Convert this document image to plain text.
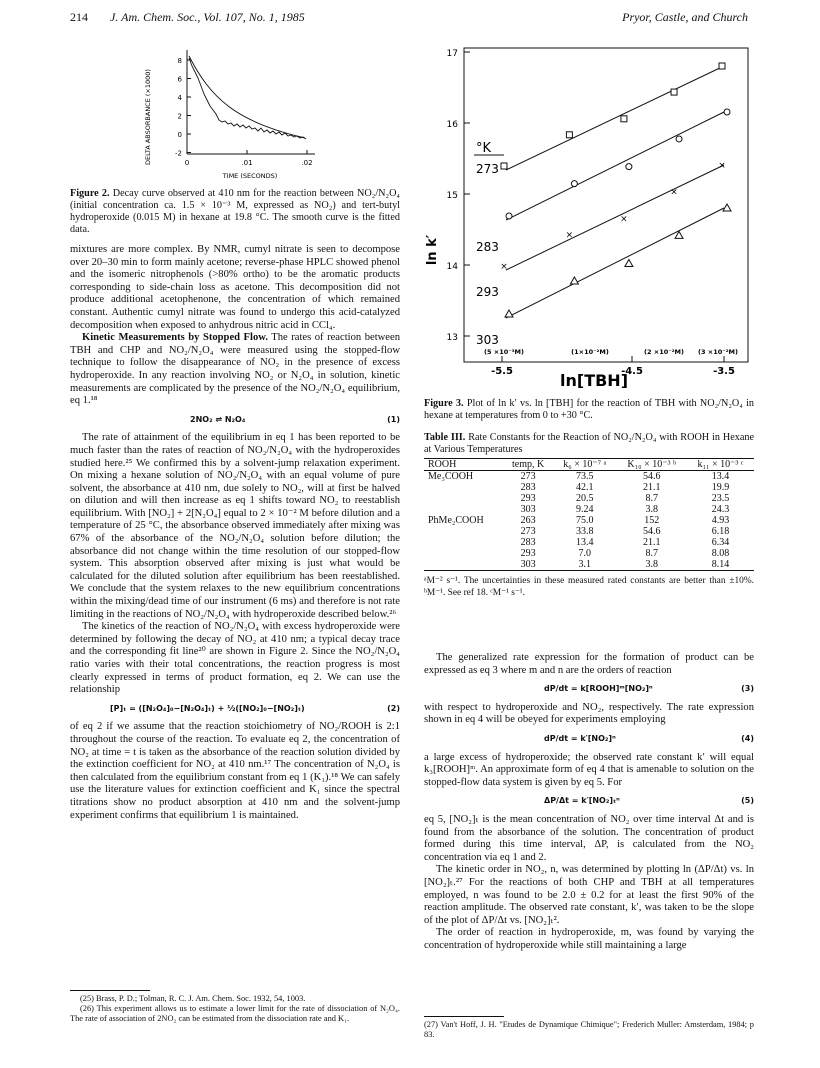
214 J. Am. Chem. Soc., Vol. 107, No. 1, 1985	Pryor, Castle, and Church
DELTA ABSORBANCE (×1000)
8
6
4
2
0
-2
0	.01	.02
TIME (SECONDS)
Figure 2. Decay curve observed at 410 nm for the reaction between NO₂/N₂O₄ (initial concentration ca. 1.5 × 10⁻³ M, expressed as NO₂) and tert-butyl hydroperoxide (0.015 M) in hexane at 19.8 °C. The smooth curve is the fitted data.

mixtures are more complex. By NMR, cumyl nitrate is seen to decompose over 20–30 min to form mainly acetone; reverse-phase HPLC showed phenol and the isomeric nitrophenols (>80% ortho) to be the aromatic products corresponding to side-chain loss as acetone. This decomposition did not produce additional acetophenone, the concentration of which remained constant. Authentic cumyl nitrate was found to undergo this acid-catalyzed decomposition when exposed to anhydrous nitric acid in CCl₄.

Kinetic Measurements by Stopped Flow. The rates of reaction between TBH and CHP and NO₂/N₂O₄ were measured using the stopped-flow technique to follow the disappearance of NO₂ in the presence of excess hydroperoxide. In any reaction involving NO₂ or N₂O₄ in solution, kinetic measurements are complicated by the presence of the NO₂/N₂O₄ equilibrium, eq 1.¹⁸

2NO₂ ⇌ N₂O₄	(1)

The rate of attainment of the equilibrium in eq 1 has been reported to be much faster than the rates of reaction of NO₂/N₂O₄ with the hydroperoxides studied here.²⁵ We confirmed this by a solvent-jump relaxation experiment. On mixing a hexane solution of NO₂/N₂O₄ with an equal volume of pure solvent, the absorbance at 410 nm, due solely to NO₂, will at first be halved on dilution and will then increase as eq 1 shifts toward NO₂ to reestablish equilibrium. With [NO₂] + 2[N₂O₄] equal to 2 × 10⁻² M before dilution and a temperature of 25 °C, the absorbance observed immediately after mixing was 67% of the absorbance of the NO₂/N₂O₄ solution before dilution; the absorbance did not change within the time resolution of our stopped-flow system. This absorption observed after mixing is just what would be calculated for the diluted solution after equilibrium has been reestablished. We conclude that the system relaxes to the new equilibrium concentrations within the mixing/dead time of our instrument (6 ms) and therefore is not rate limiting in the reactions of NO₂/N₂O₄ with hydroperoxide described below.²⁶

The kinetics of the reaction of NO₂/N₂O₄ with excess hydroperoxide were determined by following the decay of NO₂ at 410 nm; a typical decay trace and the corresponding fit line²⁰ are shown in Figure 2. Since the NO₂/N₂O₄ ratio varies with their total concentrations, the reaction progress is most clearly expressed in terms of product formation, eq 2. We can use the relationship

[P]ₜ = ([N₂O₄]₀−[N₂O₄]ₜ) + ½([NO₂]₀−[NO₂]ₜ)	(2)

of eq 2 if we assume that the reaction stoichiometry of NO₂/ROOH is 2:1 throughout the course of the reaction. To evaluate eq 2, the concentration of NO₂ at time = t is taken as the absorbance of the reaction solution divided by the extinction coefficient for NO₂ at 410 nm.¹⁷ The concentration of N₂O₄ is then calculated from the equilibrium constant from eq 1 (K₁).¹⁸ We can safely use the literature values for extinction coefficient and K₁ since the spectral titrations show no product absorption at 410 nm and the solvent-jump experiment confirms that equilibrium 1 is maintained.

(25) Brass, P. D.; Tolman, R. C. J. Am. Chem. Soc. 1932, 54, 1003.
(26) This experiment allows us to estimate a lower limit for the rate of dissociation of N₂O₄. The rate of association of 2NO₂ can be estimated from the dissociation rate and K₁.
17
16
15
14
13
-5.5	-4.5	-3.5
ln k′
ln[TBH]
(5 ×10⁻³M)	(1×10⁻²M)	(2 ×10⁻²M) (3 ×10⁻²M)
°K
273
283
293
303
×
×
×
×
×
Figure 3. Plot of ln k′ vs. ln [TBH] for the reaction of TBH with NO₂/N₂O₄ in hexane at temperatures from 0 to +30 °C.
Table III. Rate Constants for the Reaction of NO₂/N₂O₄ with ROOH in Hexane at Various Temperatures
ROOH	temp, K	k₆ × 10⁻⁷ ᵃ	K₁₀ × 10⁻³ ᵇ	k₁₁ × 10⁻³ ᶜ
Me₃COOH	273	73.5	54.6	13.4
	283	42.1	21.1	19.9
	293	20.5	8.7	23.5
	303	9.24	3.8	24.3
PhMe₂COOH	263	75.0	152	4.93
	273	33.8	54.6	6.18
	283	13.4	21.1	6.34
	293	7.0	8.7	8.08
	303	3.1	3.8	8.14
ᵃM⁻² s⁻¹. The uncertainties in these measured rated constants are better than ±10%. ᵇM⁻¹. See ref 18. ᶜM⁻¹ s⁻¹.

The generalized rate expression for the formation of product can be expressed as eq 3 where m and n are the orders of reaction

dP/dt = k[ROOH]ᵐ[NO₂]ⁿ	(3)

with respect to hydroperoxide and NO₂, respectively. The rate expression shown in eq 4 will be obeyed for experiments employing

dP/dt = k′[NO₂]ⁿ	(4)

a large excess of hydroperoxide; the observed rate constant k′ will equal k₃[ROOH]ᵐ. An approximate form of eq 4 that is amenable to solution on the stopped-flow data system is given by eq 5. For

ΔP/Δt = k′[NO₂]ₜⁿ	(5)

eq 5, [NO₂]ₜ is the mean concentration of NO₂ over time interval Δt and is found from the absorbance of the solution. The concentration of product formed during this time interval, ΔP, is calculated from the NO₂ concentration via eq 1 and 2.

The kinetic order in NO₂, n, was determined by plotting ln (ΔP/Δt) vs. ln [NO₂]ₜ.²⁷ For the reactions of both CHP and TBH at all temperatures employed, n was found to be 2.0 ± 0.2 for at least the first 90% of the reaction amplitude. The observed rate constant, k′, was taken to be the slope of the plot of ΔP/Δt vs. [NO₂]ₜ².

The order of reaction in hydroperoxide, m, was found by varying the concentration of hydroperoxide while still maintaining a large

(27) Van't Hoff, J. H. "Etudes de Dynamique Chimique"; Frederich Muller: Amsterdam, 1984; p 83.
